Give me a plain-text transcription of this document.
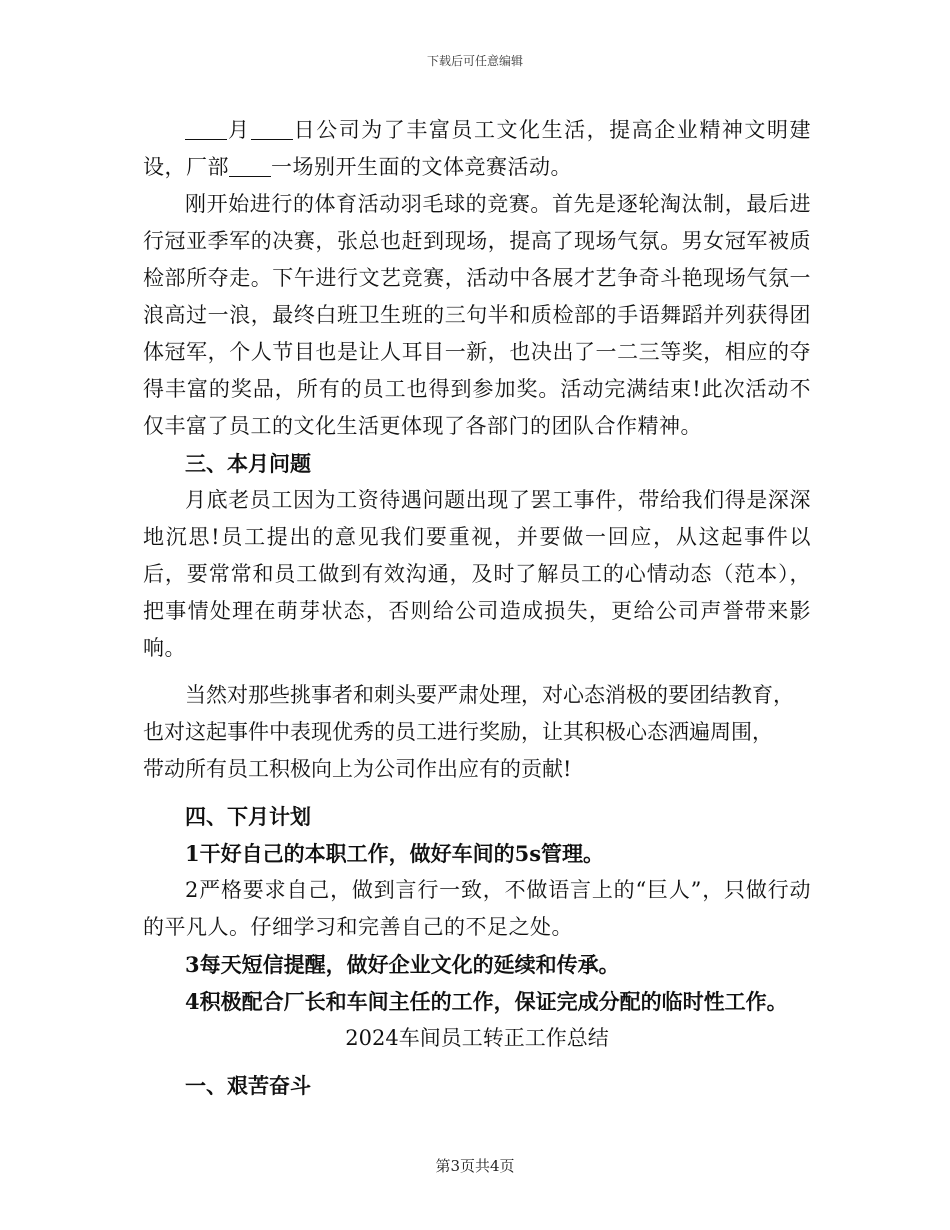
下载后可任意编辑

月 日公司为了丰富员工文化生活，提高企业精神文明建设，厂部 一场别开生面的文体竞赛活动。

刚开始进行的体育活动羽毛球的竞赛。首先是逐轮淘汰制，最后进行冠亚季军的决赛，张总也赶到现场，提高了现场气氛。男女冠军被质检部所夺走。下午进行文艺竞赛，活动中各展才艺争奇斗艳现场气氛一浪高过一浪，最终白班卫生班的三句半和质检部的手语舞蹈并列获得团体冠军，个人节目也是让人耳目一新，也决出了一二三等奖，相应的夺得丰富的奖品，所有的员工也得到参加奖。活动完满结束!此次活动不仅丰富了员工的文化生活更体现了各部门的团队合作精神。

三、本月问题

月底老员工因为工资待遇问题出现了罢工事件，带给我们得是深深地沉思!员工提出的意见我们要重视，并要做一回应，从这起事件以后，要常常和员工做到有效沟通，及时了解员工的心情动态（范本），把事情处理在萌芽状态，否则给公司造成损失，更给公司声誉带来影响。

当然对那些挑事者和刺头要严肃处理，对心态消极的要团结教育，

也对这起事件中表现优秀的员工进行奖励，让其积极心态洒遍周围，

带动所有员工积极向上为公司作出应有的贡献!

四、下月计划

1干好自己的本职工作，做好车间的5s管理。

2严格要求自己，做到言行一致，不做语言上的“巨人”，只做行动的平凡人。仔细学习和完善自己的不足之处。

3每天短信提醒，做好企业文化的延续和传承。

4积极配合厂长和车间主任的工作，保证完成分配的临时性工作。

2024车间员工转正工作总结

一、艰苦奋斗

第3页共4页
